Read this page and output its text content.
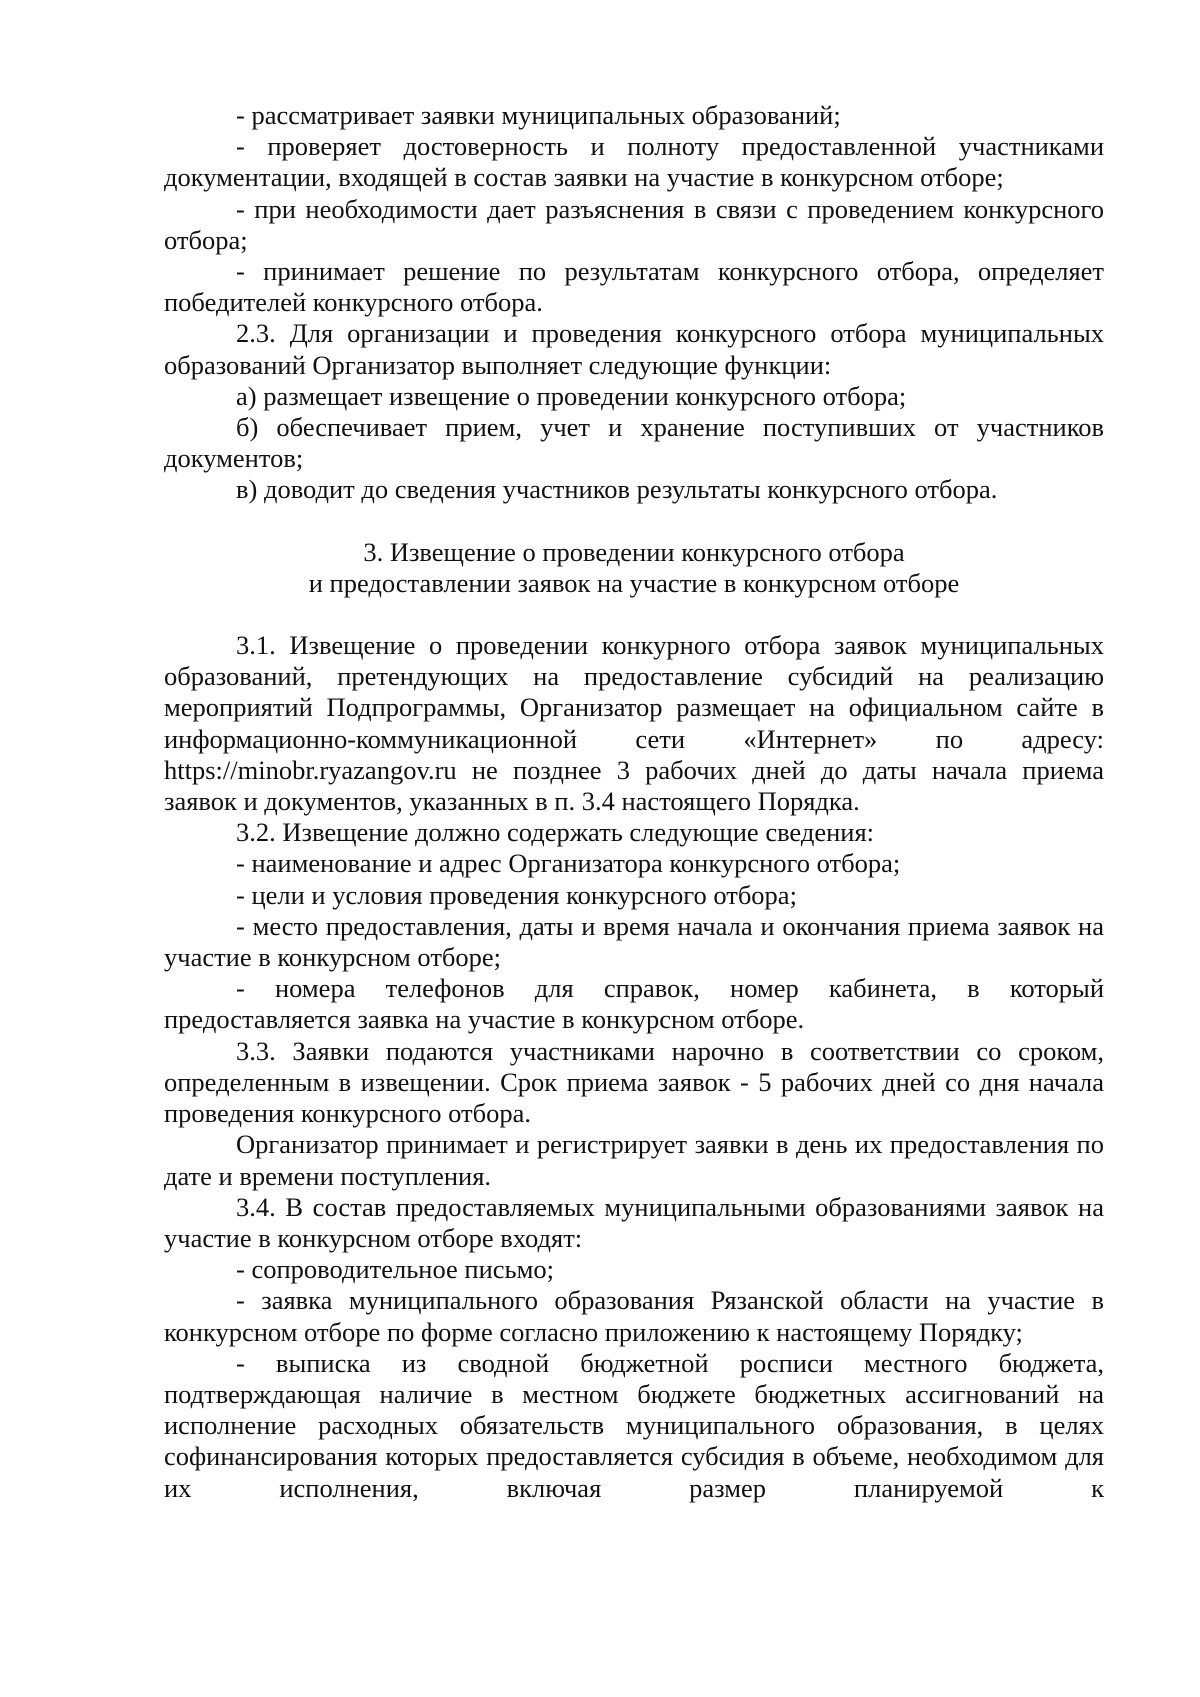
- рассматривает заявки муниципальных образований;

- проверяет достоверность и полноту предоставленной участниками документации, входящей в состав заявки на участие в конкурсном отборе;

- при необходимости дает разъяснения в связи с проведением конкурсного отбора;

- принимает решение по результатам конкурсного отбора, определяет победителей конкурсного отбора.

2.3. Для организации и проведения конкурсного отбора муниципальных образований Организатор выполняет следующие функции:

а) размещает извещение о проведении конкурсного отбора;

б) обеспечивает прием, учет и хранение поступивших от участников документов;

в) доводит до сведения участников результаты конкурсного отбора.

3. Извещение о проведении конкурсного отбора

и предоставлении заявок на участие в конкурсном отборе

3.1. Извещение о проведении конкурного отбора заявок муниципальных образований, претендующих на предоставление субсидий на реализацию мероприятий Подпрограммы, Организатор размещает на официальном сайте в информационно-коммуникационной сети «Интернет» по адресу: https://minobr.ryazangov.ru не позднее 3 рабочих дней до даты начала приема заявок и документов, указанных в п. 3.4 настоящего Порядка.

3.2. Извещение должно содержать следующие сведения:

- наименование и адрес Организатора конкурсного отбора;

- цели и условия проведения конкурсного отбора;

- место предоставления, даты и время начала и окончания приема заявок на участие в конкурсном отборе;

- номера телефонов для справок, номер кабинета, в который предоставляется заявка на участие в конкурсном отборе.

3.3. Заявки подаются участниками нарочно в соответствии со сроком, определенным в извещении. Срок приема заявок - 5 рабочих дней со дня начала проведения конкурсного отбора.

Организатор принимает и регистрирует заявки в день их предоставления по дате и времени поступления.

3.4. В состав предоставляемых муниципальными образованиями заявок на участие в конкурсном отборе входят:

- сопроводительное письмо;

- заявка муниципального образования Рязанской области на участие в конкурсном отборе по форме согласно приложению к настоящему Порядку;

- выписка из сводной бюджетной росписи местного бюджета, подтверждающая наличие в местном бюджете бюджетных ассигнований на исполнение расходных обязательств муниципального образования, в целях софинансирования которых предоставляется субсидия в объеме, необходимом для их исполнения, включая размер планируемой к
